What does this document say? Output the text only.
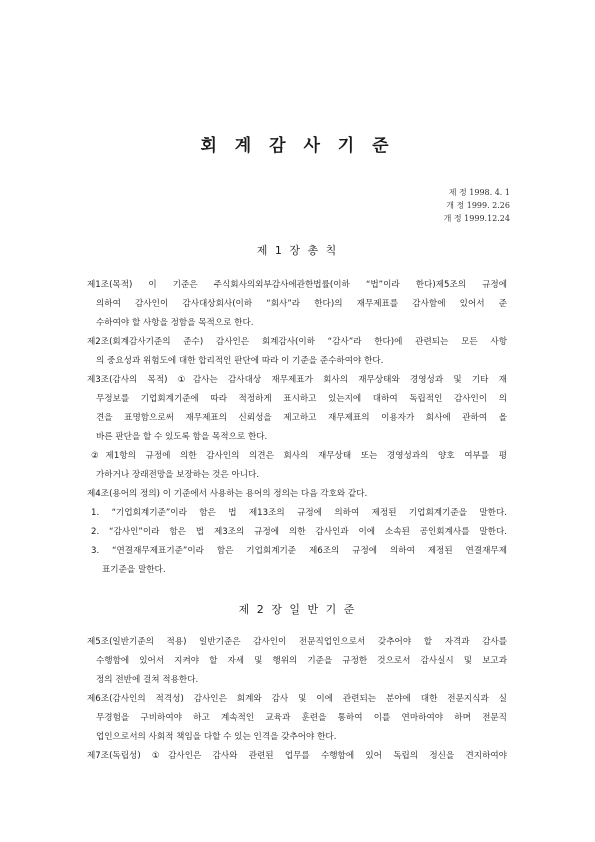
회 계 감 사 기 준
제 정 1998. 4. 1
개 정 1999. 2.26
개 정 1999.12.24
제 1 장 총 칙
제1조(목적) 이 기준은 주식회사의외부감사에관한법률(이하 “법”이라 한다)제5조의 규정에
의하여 감사인이 감사대상회사(이하 “회사”라 한다)의 재무제표를 감사함에 있어서 준
수하여야 할 사항을 정함을 목적으로 한다.
제2조(회계감사기준의 준수) 감사인은 회계감사(이하 “감사”라 한다)에 관련되는 모든 사항
의 중요성과 위험도에 대한 합리적인 판단에 따라 이 기준을 준수하여야 한다.
제3조(감사의 목적) ①감사는 감사대상 재무제표가 회사의 재무상태와 경영성과 및 기타 재
무정보를 기업회계기준에 따라 적정하게 표시하고 있는지에 대하여 독립적인 감사인이 의
견을 표명함으로써 재무제표의 신뢰성을 제고하고 재무제표의 이용자가 회사에 관하여 올
바른 판단을 할 수 있도록 함을 목적으로 한다.
②제1항의 규정에 의한 감사인의 의견은 회사의 재무상태 또는 경영성과의 양호 여부를 평
가하거나 장래전망을 보장하는 것은 아니다.
제4조(용어의 정의) 이 기준에서 사용하는 용어의 정의는 다음 각호와 같다.
1. “기업회계기준”이라 함은 법 제13조의 규정에 의하여 제정된 기업회계기준을 말한다.
2. “감사인”이라 함은 법 제3조의 규정에 의한 감사인과 이에 소속된 공인회계사를 말한다.
3. “연결재무제표기준”이라 함은 기업회계기준 제6조의 규정에 의하여 제정된 연결재무제
표기준을 말한다.
제 2 장 일 반 기 준
제5조(일반기준의 적용) 일반기준은 감사인이 전문직업인으로서 갖추어야 할 자격과 감사를
수행함에 있어서 지켜야 할 자세 및 행위의 기준을 규정한 것으로서 감사실시 및 보고과
정의 전반에 걸쳐 적용한다.
제6조(감사인의 적격성) 감사인은 회계와 감사 및 이에 관련되는 분야에 대한 전문지식과 실
무경험을 구비하여야 하고 계속적인 교육과 훈련을 통하여 이를 연마하여야 하며 전문직
업인으로서의 사회적 책임을 다할 수 있는 인격을 갖추어야 한다.
제7조(독립성) ①감사인은 감사와 관련된 업무를 수행함에 있어 독립의 정신을 견지하여야
